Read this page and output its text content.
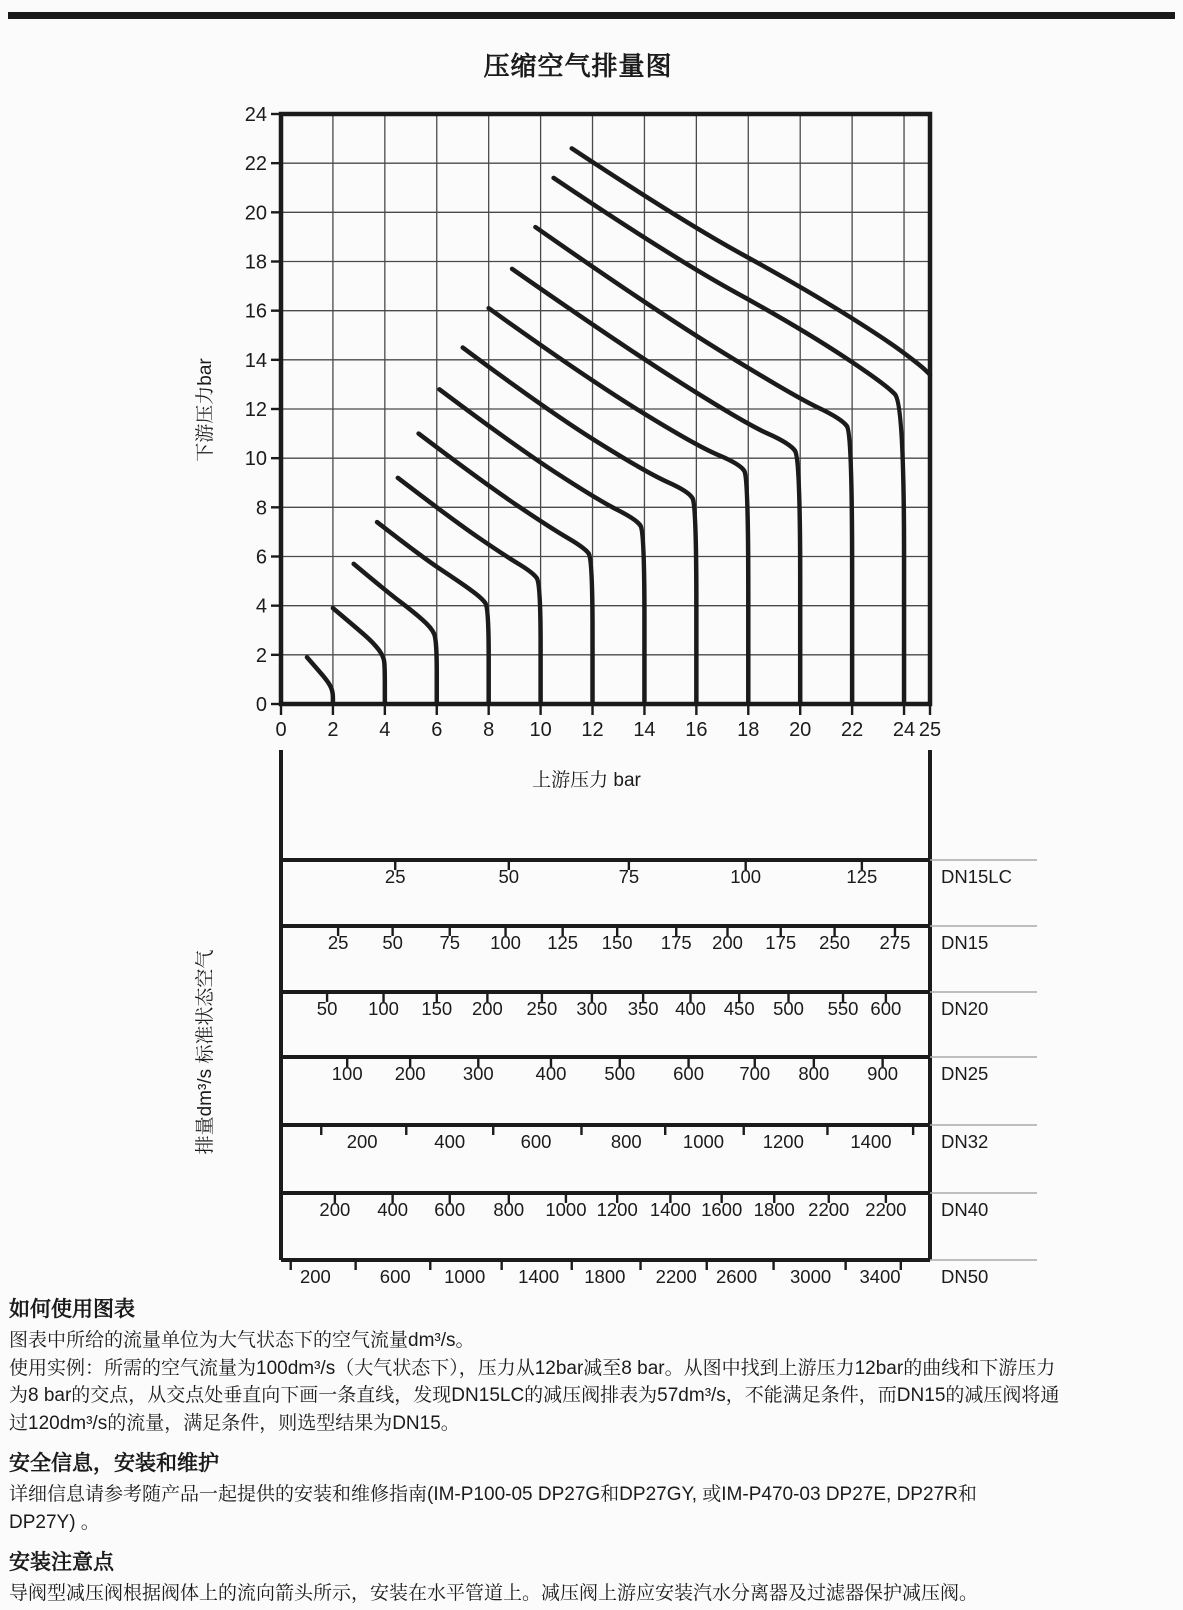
压缩空气排量图
0
2
4
6
8
10
12
14
16
18
20
22
24
0 2 4 6 8 10 12 14 16 18 20 22 24 25
下游压力bar
上游压力 bar
排量dm³/s 标准状态空气
25	50	75	100	125	DN15LC
25 50 75 100 125 150 175 200 175 250 275 DN15
50 100 150 200 250 300 350 400 450 500 550 600 DN20
100 200 300 400 500 600 700 800 900 DN25
200	400	600	800 1000 1200	1400	DN32
200 400 600 800 1000 1200 1400 1600 1800 2200 2200 DN40
200	600 1000 1400 1800 2200 2600 3000 3400 DN50
如何使用图表
图表中所给的流量单位为大气状态下的空气流量dm³/s。
使用实例：所需的空气流量为100dm³/s（大气状态下），压力从12bar减至8 bar。从图中找到上游压力12bar的曲线和下游压力
为8 bar的交点，从交点处垂直向下画一条直线，发现DN15LC的减压阀排表为57dm³/s，不能满足条件，而DN15的减压阀将通
过120dm³/s的流量，满足条件，则选型结果为DN15。
安全信息，安装和维护
详细信息请参考随产品一起提供的安装和维修指南(IM-P100-05 DP27G和DP27GY, 或IM-P470-03 DP27E, DP27R和
DP27Y) 。
安装注意点
导阀型减压阀根据阀体上的流向箭头所示，安装在水平管道上。减压阀上游应安装汽水分离器及过滤器保护减压阀。
